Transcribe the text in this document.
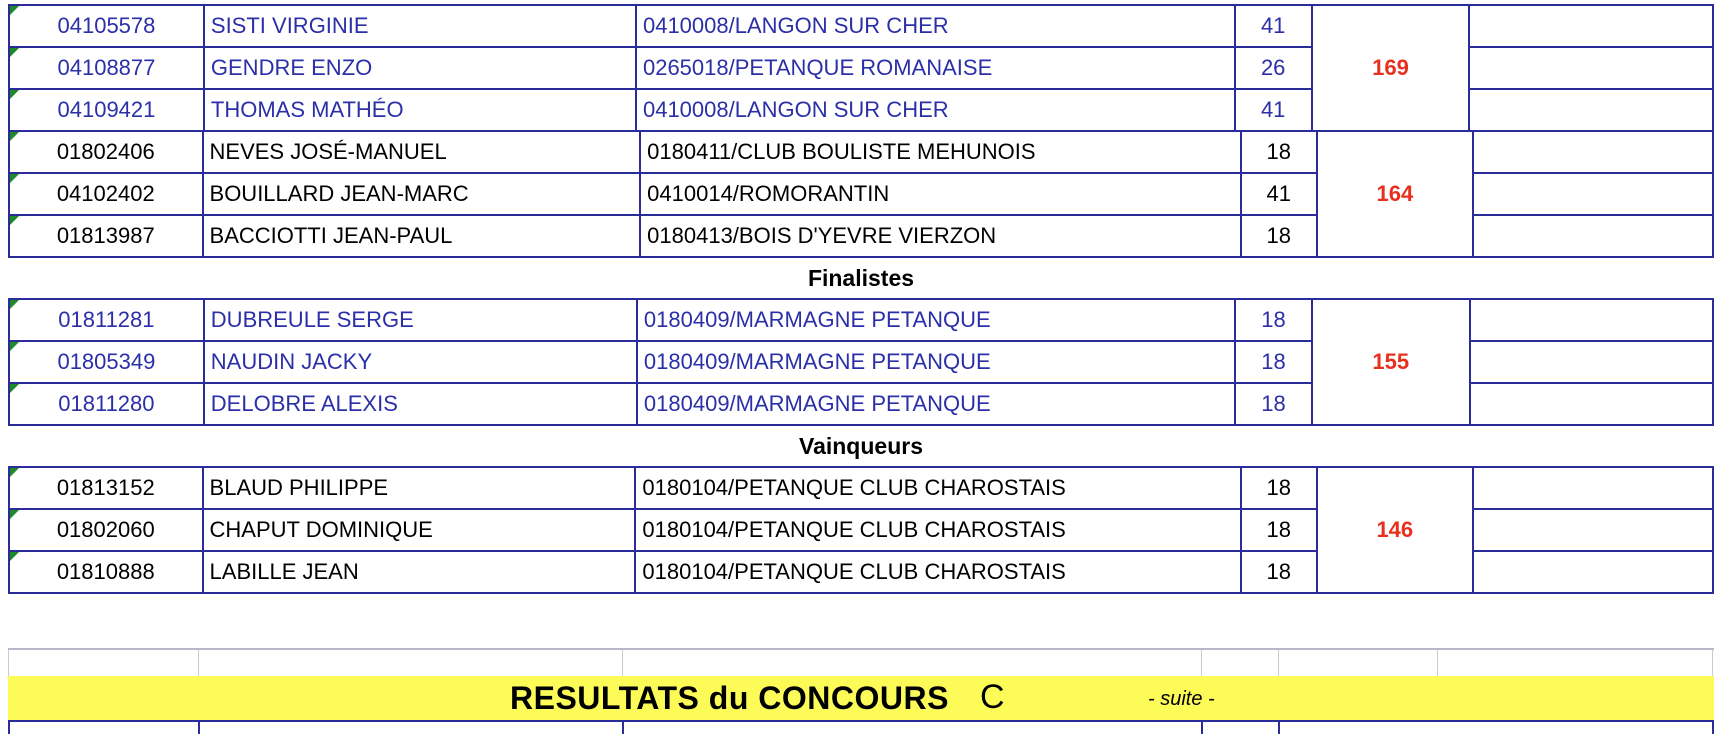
04105578	SISTI VIRGINIE	0410008/LANGON SUR CHER	41	169	
04108877	GENDRE ENZO	0265018/PETANQUE ROMANAISE	26		
04109421	THOMAS MATHÉO	0410008/LANGON SUR CHER	41		
01802406	NEVES JOSÉ-MANUEL	0180411/CLUB BOULISTE MEHUNOIS	18	164	
04102402	BOUILLARD JEAN-MARC	0410014/ROMORANTIN	41		
01813987	BACCIOTTI JEAN-PAUL	0180413/BOIS D'YEVRE VIERZON	18		
Finalistes
01811281	DUBREULE SERGE	0180409/MARMAGNE PETANQUE	18	155	
01805349	NAUDIN JACKY	0180409/MARMAGNE PETANQUE	18		
01811280	DELOBRE ALEXIS	0180409/MARMAGNE PETANQUE	18		
Vainqueurs
01813152	BLAUD PHILIPPE	0180104/PETANQUE CLUB CHAROSTAIS	18	146	
01802060	CHAPUT DOMINIQUE	0180104/PETANQUE CLUB CHAROSTAIS	18		
01810888	LABILLE JEAN	0180104/PETANQUE CLUB CHAROSTAIS	18		
RESULTATS du CONCOURS C	- suite -
